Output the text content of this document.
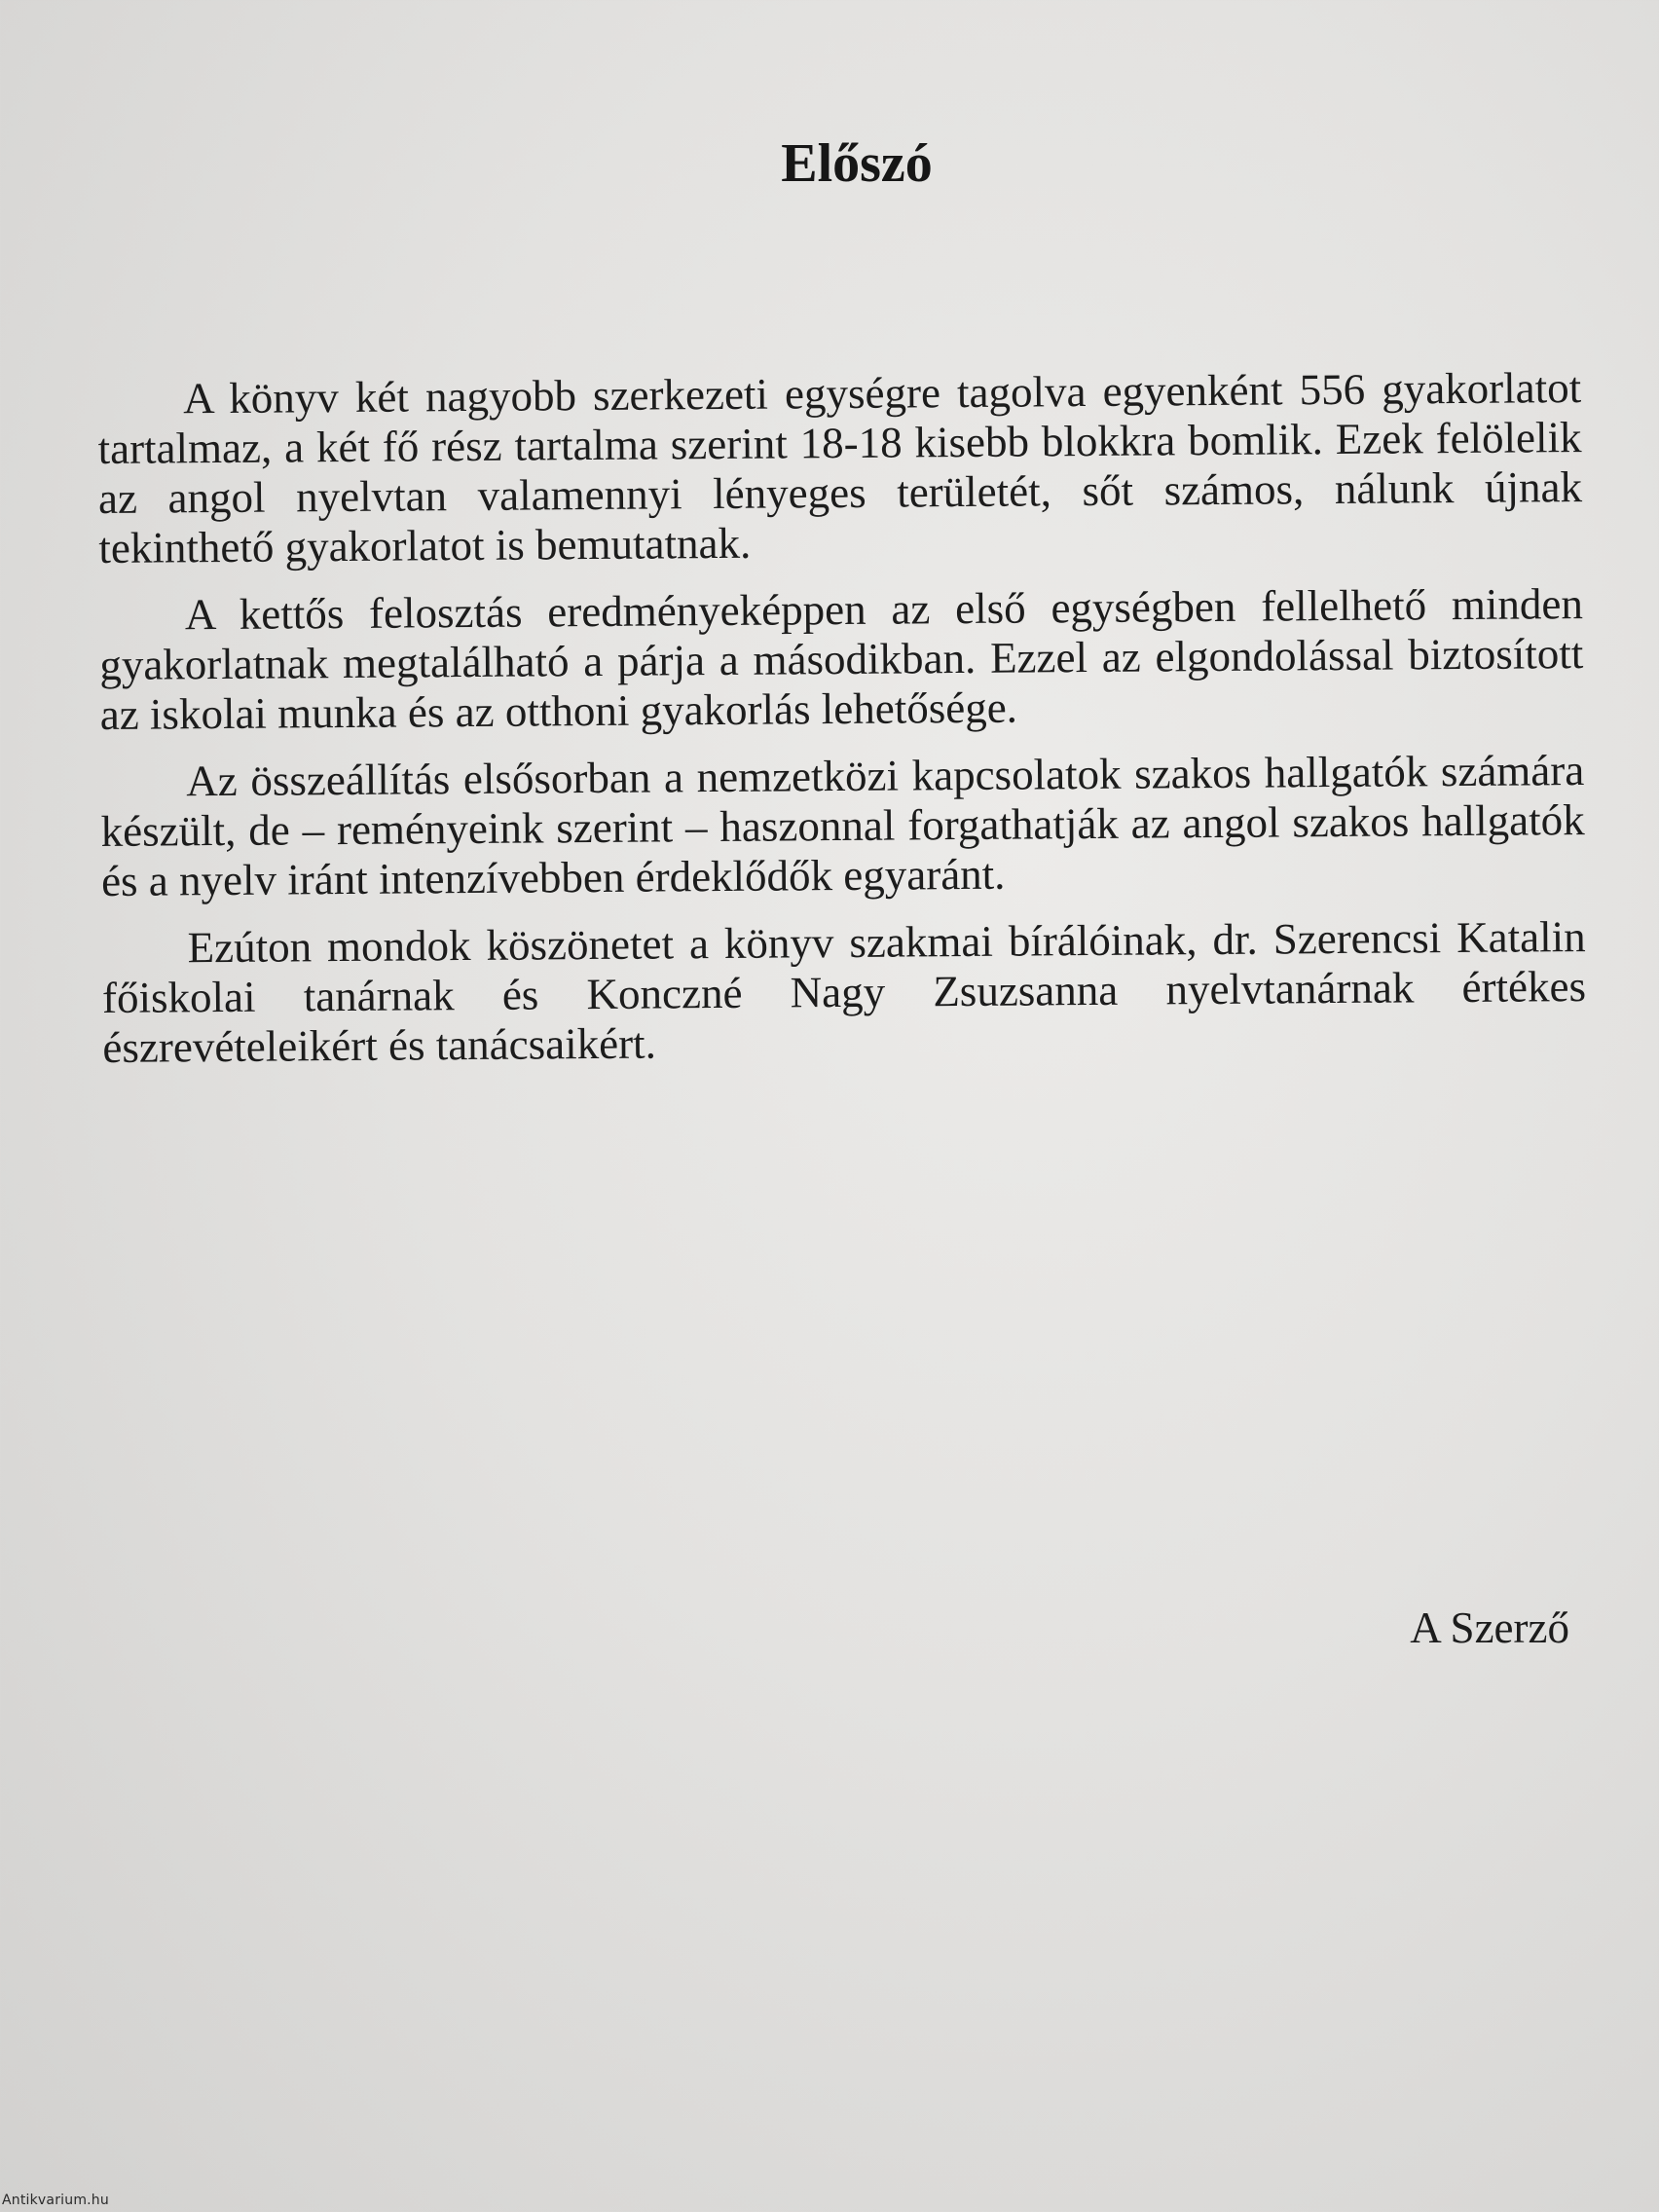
Előszó

A könyv két nagyobb szerkezeti egységre tagolva egyenként 556 gyakorlatot tartalmaz, a két fő rész tartalma szerint 18-18 kisebb blokkra bomlik. Ezek felölelik az angol nyelvtan valamennyi lényeges területét, sőt számos, nálunk újnak tekinthető gyakorlatot is bemutatnak.

A kettős felosztás eredményeképpen az első egységben fellelhető minden gyakorlatnak megtalálható a párja a másodikban. Ezzel az elgondolással biztosított az iskolai munka és az otthoni gyakorlás lehetősége.

Az összeállítás elsősorban a nemzetközi kapcsolatok szakos hallgatók számára készült, de – reményeink szerint – haszonnal forgathatják az angol szakos hallgatók és a nyelv iránt intenzívebben érdeklődők egyaránt.

Ezúton mondok köszönetet a könyv szakmai bírálóinak, dr. Szerencsi Katalin főiskolai tanárnak és Konczné Nagy Zsuzsanna nyelvtanárnak értékes észrevételeikért és tanácsaikért.

A Szerző
Antikvarium.hu
